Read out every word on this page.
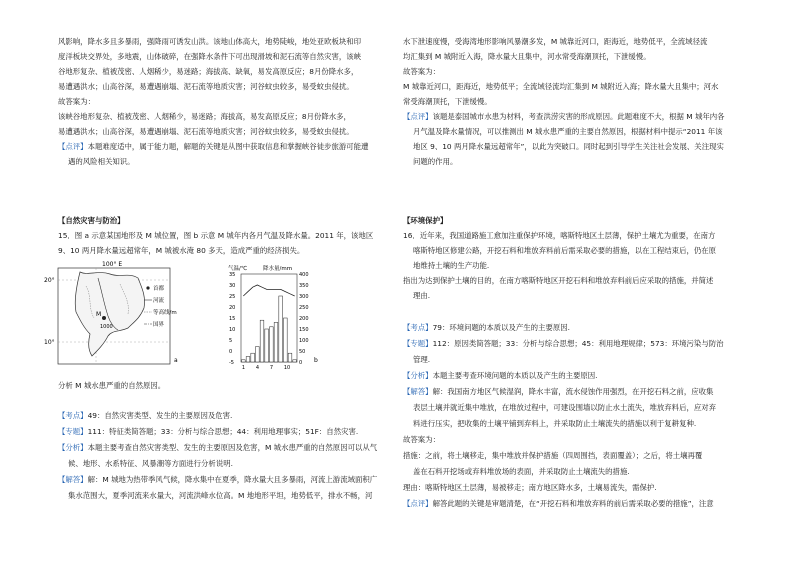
风影响，降水多且多暴雨，强降雨可诱发山洪。该地山体高大，地势陡峻，地处亚欧板块和印
度洋板块交界处，多地震，山体破碎，在强降水条件下可出现滑坡和泥石流等自然灾害，该峡
谷地形复杂、植被茂密、人烟稀少，易迷路；海拔高、缺氧，易发高原反应；8月份降水多，
易遭遇洪水；山高谷深，易遭遇崩塌、泥石流等地质灾害；河谷蚊虫较多，易受蚊虫侵扰。
故答案为：
该峡谷地形复杂、植被茂密、人烟稀少，易迷路；海拔高，易发高原反应；8月份降水多，
易遭遇洪水；山高谷深，易遭遇崩塌、泥石流等地质灾害；河谷蚊虫较多，易受蚊虫侵扰。
【点评】本题难度适中，属于能力题，解题的关键是从图中获取信息和掌握峡谷徒步旅游可能遭
遇的风险相关知识。
【自然灾害与防治】
15．图 a 示意某国地形及 M 城位置，图 b 示意 M 城年内各月气温及降水量。2011 年，该地区
9、10 两月降水量远超常年，M 城被水淹 80 多天，造成严重的经济损失。
分析 M 城水患严重的自然原因。
【考点】49：自然灾害类型、发生的主要原因及危害.
【专题】111：特征类简答题；33：分析与综合思想；44：利用地理事实；51F：自然灾害.
【分析】本题主要考查自然灾害类型、发生的主要原因及危害，M 城水患严重的自然原因可以从气
候、地形、水系特征、风暴潮等方面进行分析说明.
【解答】解：M 城地为热带季风气候，降水集中在夏季，降水量大且多暴雨，河流上游流域面积广
集水范围大，夏季河流来水量大，河流洪峰水位高。M 地地形平坦，地势低平，排水不畅，河
100° E
20°
10°
M
1000
a
首都
河流
等高线/m
国界
气温/℃	降水量/mm
35
30
25
20
15
10
5
0
-5
400
350
300
250
200
150
100
50
0
1 4 7 10
b
水下泄速度慢，受海湾地形影响风暴潮多发，M 城靠近河口，距海近，地势低平，全流域径流
均汇集到 M 城附近入海，降水量大且集中，河水常受海潮顶托，下泄缓慢。
故答案为：
M 城靠近河口，距海近，地势低平；全流域径流均汇集到 M 城附近入海；降水量大且集中；河水
常受海潮顶托，下泄缓慢。
【点评】该题是泰国城市水患为材料，考查洪涝灾害的形成原因。此题难度不大，根据 M 城年内各
月气温及降水量情况，可以推测出 M 城水患严重的主要自然原因，根据材料中提示“2011 年该
地区 9、10 两月降水量远超常年”，以此为突破口。同时起到引导学生关注社会发展、关注现实
问题的作用。
【环境保护】
16．近年来，我国道路施工愈加注重保护环境，喀斯特地区土层薄，保护土壤尤为重要，在南方
喀斯特地区修建公路，开挖石料和堆放弃料前后需采取必要的措施，以在工程结束后，仍在原
地维持土壤的生产功能.
指出为达到保护土壤的目的，在南方喀斯特地区开挖石料和堆放弃料前后应采取的措施，并简述
理由.
【考点】79：环境问题的本质以及产生的主要原因.
【专题】112：原因类简答题；33：分析与综合思想；45：利用地理规律；573：环境污染与防治
管理.
【分析】本题主要考查环境问题的本质以及产生的主要原因.
【解答】解：我国南方地区气候湿润，降水丰富，流水侵蚀作用强烈，在开挖石料之前，应收集
表层土壤并就近集中堆放，在堆放过程中，可建设围墙以防止水土流失，堆放弃料后，应对弃
料进行压实，把收集的土壤平铺到弃料上，并采取防止土壤流失的措施以利于复耕复种.
故答案为：
措施：之前，将土壤移走，集中堆放并保护措施（四周围挡，表面覆盖）；之后，将土壤再覆
盖在石料开挖场或弃料堆放场的表面，并采取防止土壤流失的措施.
理由：喀斯特地区土层薄，易被移走；南方地区降水多，土壤易流失，需保护.
【点评】解答此题的关键是审题清楚，在“开挖石料和堆放弃料的前后需采取必要的措施”，注意
